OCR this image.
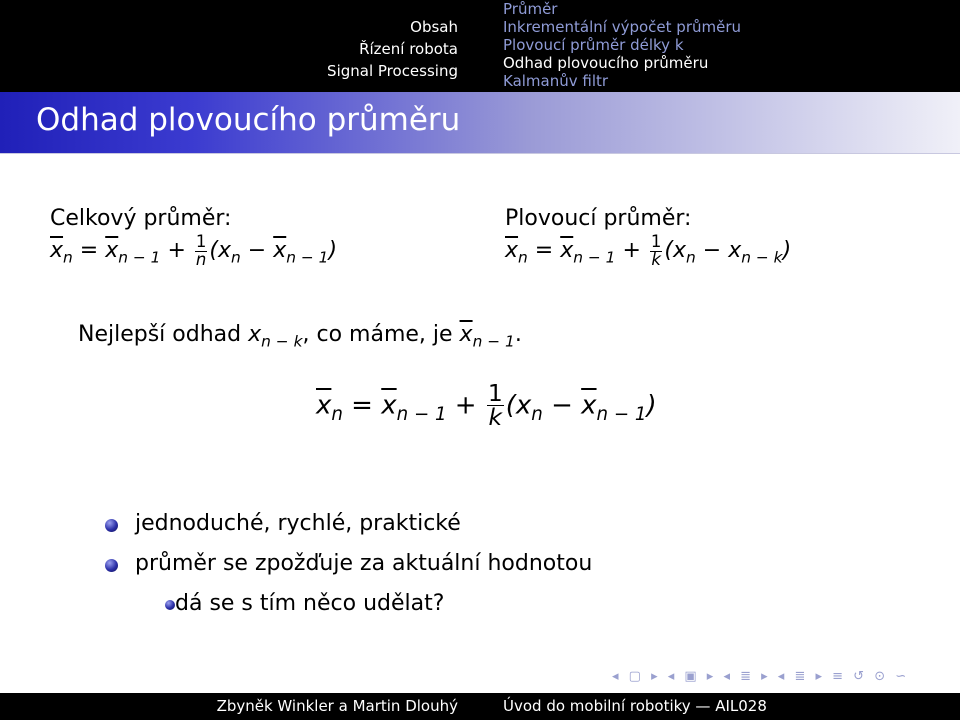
Obsah
Řízení robota
Signal Processing
Průměr
Inkrementální výpočet průměru
Plovoucí průměr délky k
Odhad plovoucího průměru
Kalmanův filtr
Odhad plovoucího průměru
Celkový průměr:
$\overline{x}_n = \overline{x}_{n - 1} + \frac{1}{n} (x_n - \overline{x}_{n - 1})$
Plovoucí průměr:
$\overline{x}_n = \overline{x}_{n - 1} + \frac{1}{k} (x_n - x_{n - k})$
Nejlepší odhad $x_{n - k}$, co máme, je $\overline{x}_{n - 1}$.
$\overline{x}_n = \overline{x}_{n - 1} + \frac{1}{k} (x_n - \overline{x}_{n - 1})$
jednoduché, rychlé, praktické
průměr se zpožďuje za aktuální hodnotou
dá se s tím něco udělat?
◂ ▢ ▸ ◂ ▣ ▸ ◂ ≣ ▸ ◂ ≣ ▸ ≡ ↺ ⊙ ∽
Zbyněk Winkler a Martin Dlouhý	Úvod do mobilní robotiky — AIL028
